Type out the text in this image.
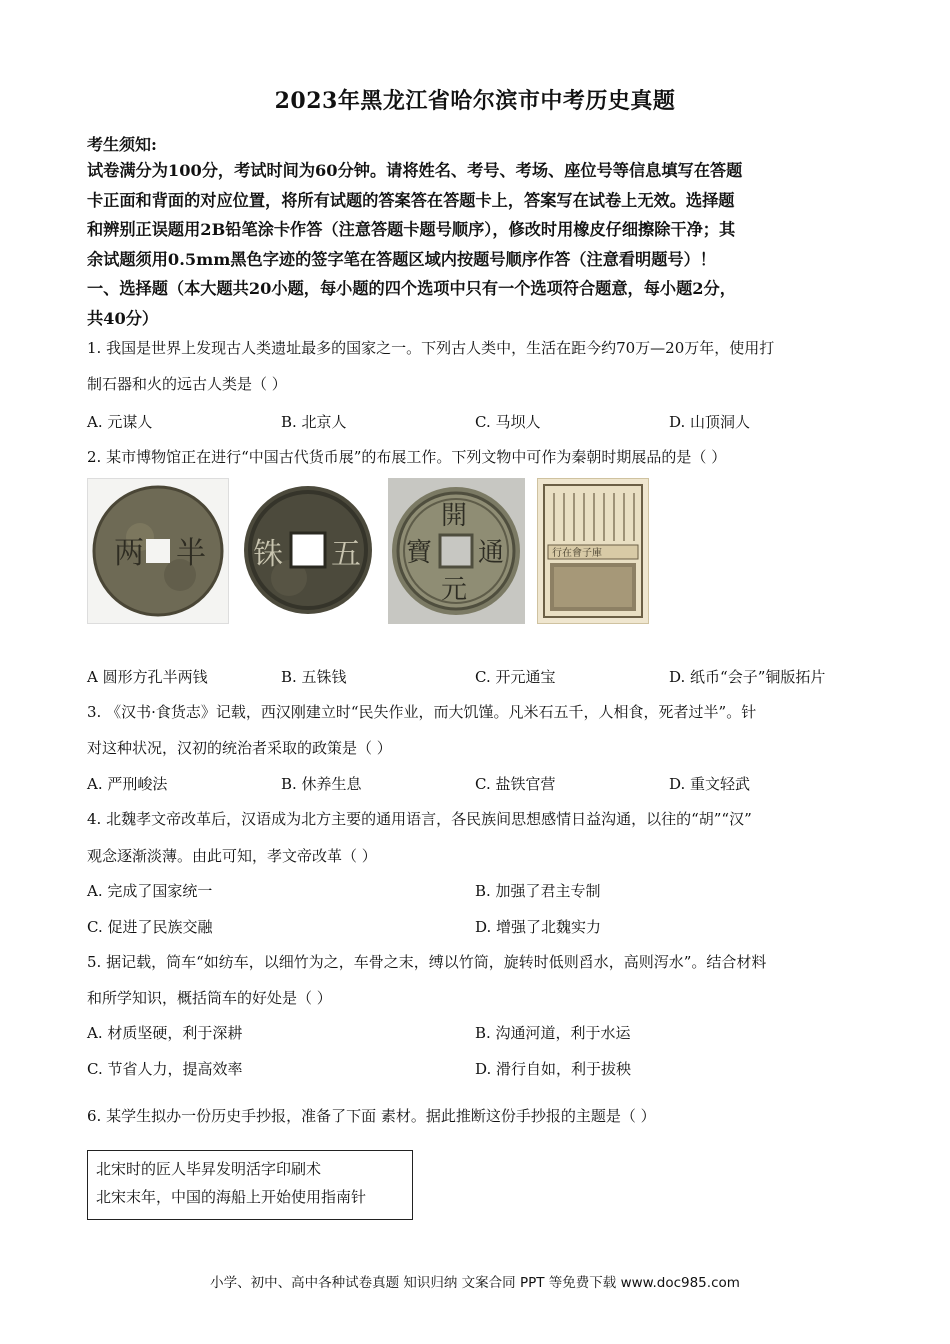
2023年黑龙江省哈尔滨市中考历史真题
考生须知:
试卷满分为100分，考试时间为60分钟。请将姓名、考号、考场、座位号等信息填写在答题
卡正面和背面的对应位置，将所有试题的答案答在答题卡上，答案写在试卷上无效。选择题
和辨别正误题用2B铅笔涂卡作答（注意答题卡题号顺序），修改时用橡皮仔细擦除干净；其
余试题须用0.5mm黑色字迹的签字笔在答题区域内按题号顺序作答（注意看明题号）！
一、选择题（本大题共20小题，每小题的四个选项中只有一个选项符合题意，每小题2分，
共40分）
1. 我国是世界上发现古人类遗址最多的国家之一。下列古人类中，生活在距今约70万—20万年，使用打
制石器和火的远古人类是（ ）
A. 元谋人	B. 北京人	C. 马坝人	D. 山顶洞人
2. 某市博物馆正在进行“中国古代货币展”的布展工作。下列文物中可作为秦朝时期展品的是（ ）
两 半 铢 五
開
元
通
寶	行在會子庫
A 圆形方孔半两钱	B. 五铢钱	C. 开元通宝	D. 纸币“会子”铜版拓片
3. 《汉书·食货志》记载，西汉刚建立时“民失作业，而大饥馑。凡米石五千，人相食，死者过半”。针
对这种状况，汉初的统治者采取的政策是（ ）
A. 严刑峻法	B. 休养生息	C. 盐铁官营	D. 重文轻武
4. 北魏孝文帝改革后，汉语成为北方主要的通用语言，各民族间思想感情日益沟通，以往的“胡”“汉”
观念逐渐淡薄。由此可知，孝文帝改革（ ）
A. 完成了国家统一	B. 加强了君主专制
C. 促进了民族交融	D. 增强了北魏实力
5. 据记载，筒车“如纺车，以细竹为之，车骨之末，缚以竹筒，旋转时低则舀水，高则泻水”。结合材料
和所学知识，概括筒车的好处是（ ）
A. 材质坚硬，利于深耕	B. 沟通河道，利于水运
C. 节省人力，提高效率	D. 滑行自如，利于拔秧
6. 某学生拟办一份历史手抄报，准备了下面 素材。据此推断这份手抄报的主题是（ ）
北宋时的匠人毕昇发明活字印刷术
北宋末年，中国的海船上开始使用指南针
小学、初中、高中各种试卷真题 知识归纳 文案合同 PPT 等免费下载 www.doc985.com
